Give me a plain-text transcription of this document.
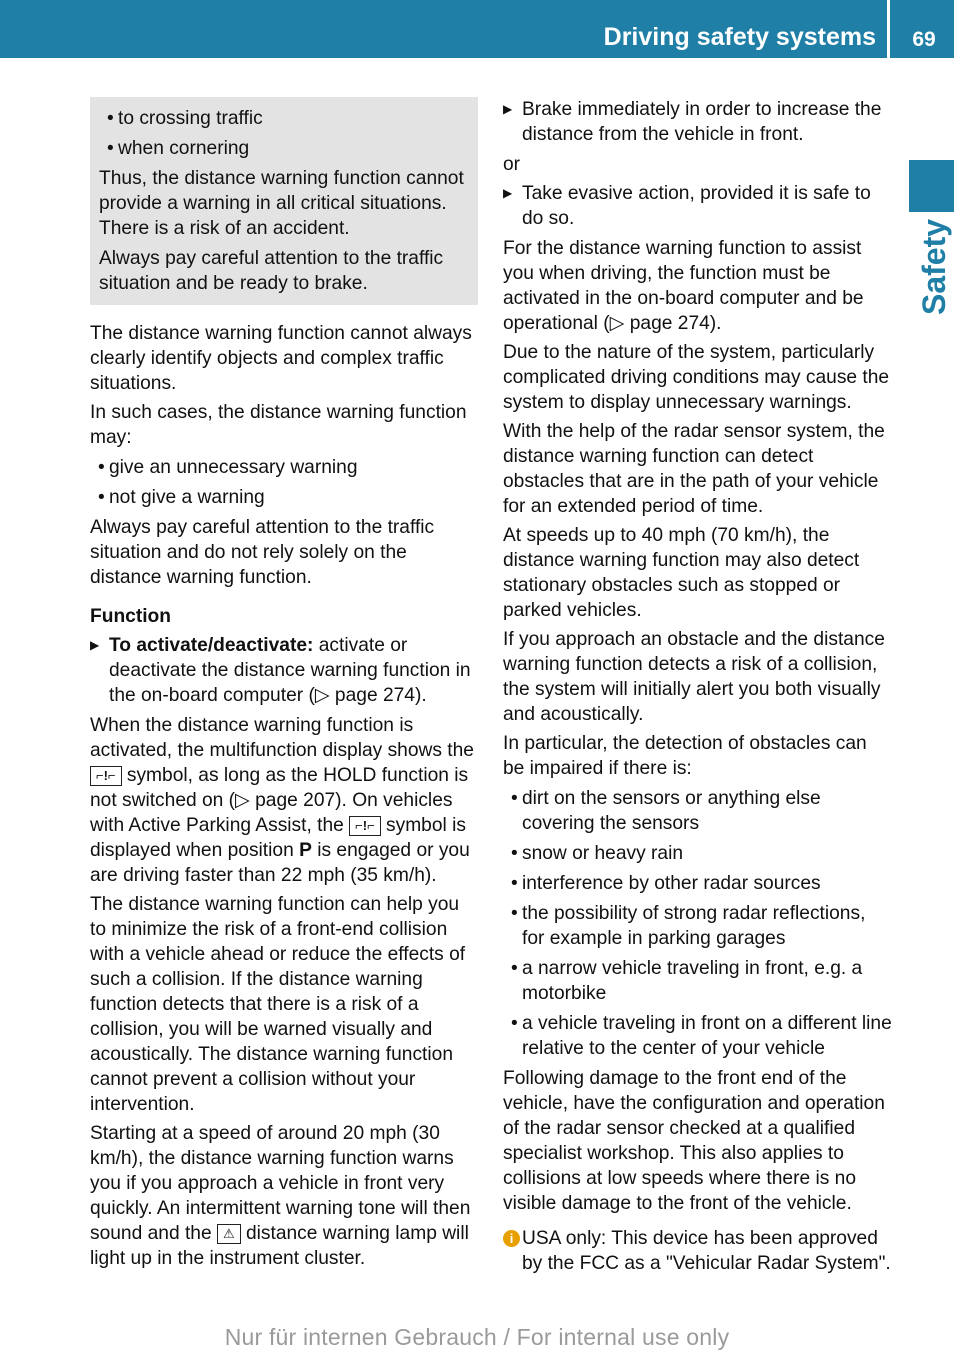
Driving safety systems	69
Safety
• to crossing traffic
• when cornering

Thus, the distance warning function cannot provide a warning in all critical situations. There is a risk of an accident.

Always pay careful attention to the traffic situation and be ready to brake.

The distance warning function cannot always clearly identify objects and complex traffic situations.

In such cases, the distance warning function may:

• give an unnecessary warning
• not give a warning

Always pay careful attention to the traffic situation and do not rely solely on the distance warning function.

Function
▶ To activate/deactivate: activate or deactivate the distance warning function in the on-board computer (▷ page 274).

When the distance warning function is activated, the multifunction display shows the ⌐!⌐ symbol, as long as the HOLD function is not switched on (▷ page 207). On vehicles with Active Parking Assist, the ⌐!⌐ symbol is displayed when position P is engaged or you are driving faster than 22 mph (35 km/h).

The distance warning function can help you to minimize the risk of a front-end collision with a vehicle ahead or reduce the effects of such a collision. If the distance warning function detects that there is a risk of a collision, you will be warned visually and acoustically. The distance warning function cannot prevent a collision without your intervention.

Starting at a speed of around 20 mph (30 km/h), the distance warning function warns you if you approach a vehicle in front very quickly. An intermittent warning tone will then sound and the ⚠ distance warning lamp will light up in the instrument cluster.

▶ Brake immediately in order to increase the distance from the vehicle in front.

or

▶ Take evasive action, provided it is safe to do so.

For the distance warning function to assist you when driving, the function must be activated in the on-board computer and be operational (▷ page 274).

Due to the nature of the system, particularly complicated driving conditions may cause the system to display unnecessary warnings.

With the help of the radar sensor system, the distance warning function can detect obstacles that are in the path of your vehicle for an extended period of time.

At speeds up to 40 mph (70 km/h), the distance warning function may also detect stationary obstacles such as stopped or parked vehicles.

If you approach an obstacle and the distance warning function detects a risk of a collision, the system will initially alert you both visually and acoustically.

In particular, the detection of obstacles can be impaired if there is:

• dirt on the sensors or anything else covering the sensors
• snow or heavy rain
• interference by other radar sources
• the possibility of strong radar reflections, for example in parking garages
• a narrow vehicle traveling in front, e.g. a motorbike
• a vehicle traveling in front on a different line relative to the center of your vehicle

Following damage to the front end of the vehicle, have the configuration and operation of the radar sensor checked at a qualified specialist workshop. This also applies to collisions at low speeds where there is no visible damage to the front of the vehicle.

i USA only: This device has been approved by the FCC as a "Vehicular Radar System".
Nur für internen Gebrauch / For internal use only
